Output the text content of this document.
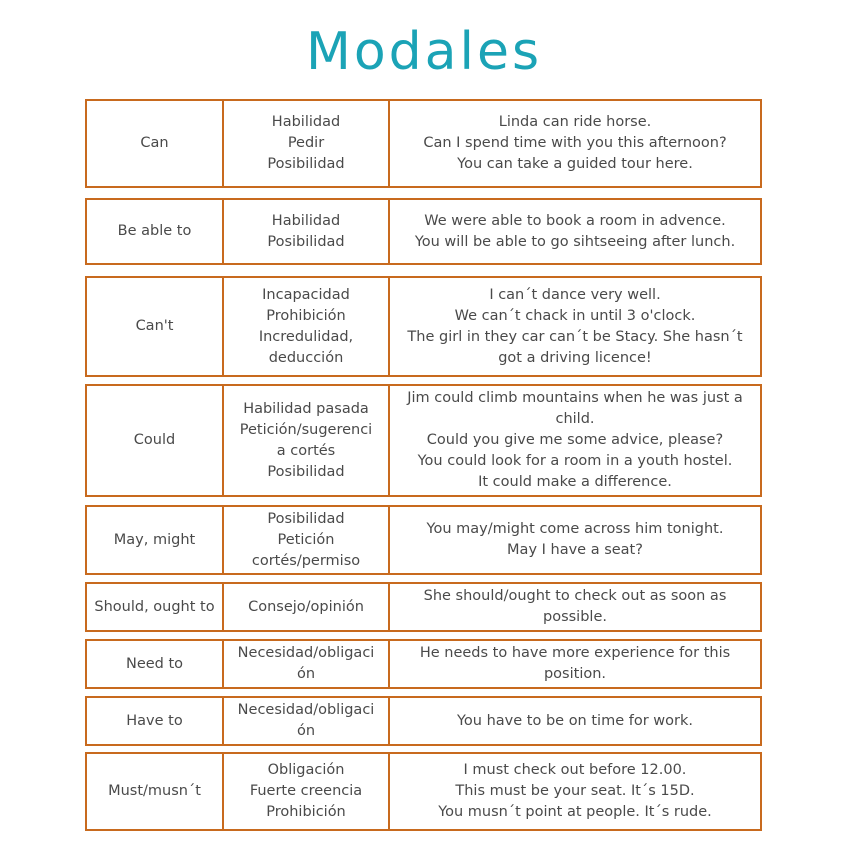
Modales
Can
Habilidad
Pedir
Posibilidad
Linda can ride horse.
Can I spend time with you this afternoon?
You can take a guided tour here.
Be able to
Habilidad
Posibilidad
We were able to book a room in advence.
You will be able to go sihtseeing after lunch.
Can't
Incapacidad
Prohibición
Incredulidad,
deducción
I can´t dance very well.
We can´t chack in until 3 o'clock.
The girl in they car can´t be Stacy. She hasn´t
got a driving licence!
Could
Habilidad pasada
Petición/sugerenci
a cortés
Posibilidad
Jim could climb mountains when he was just a
child.
Could you give me some advice, please?
You could look for a room in a youth hostel.
It could make a difference.
May, might
Posibilidad
Petición
cortés/permiso
You may/might come across him tonight.
May I have a seat?
Should, ought to Consejo/opinión
She should/ought to check out as soon as
possible.
Need to
Necesidad/obligaci
ón
He needs to have more experience for this
position.
Have to
Necesidad/obligaci
ón
You have to be on time for work.
Must/musn´t
Obligación
Fuerte creencia
Prohibición
I must check out before 12.00.
This must be your seat. It´s 15D.
You musn´t point at people. It´s rude.
